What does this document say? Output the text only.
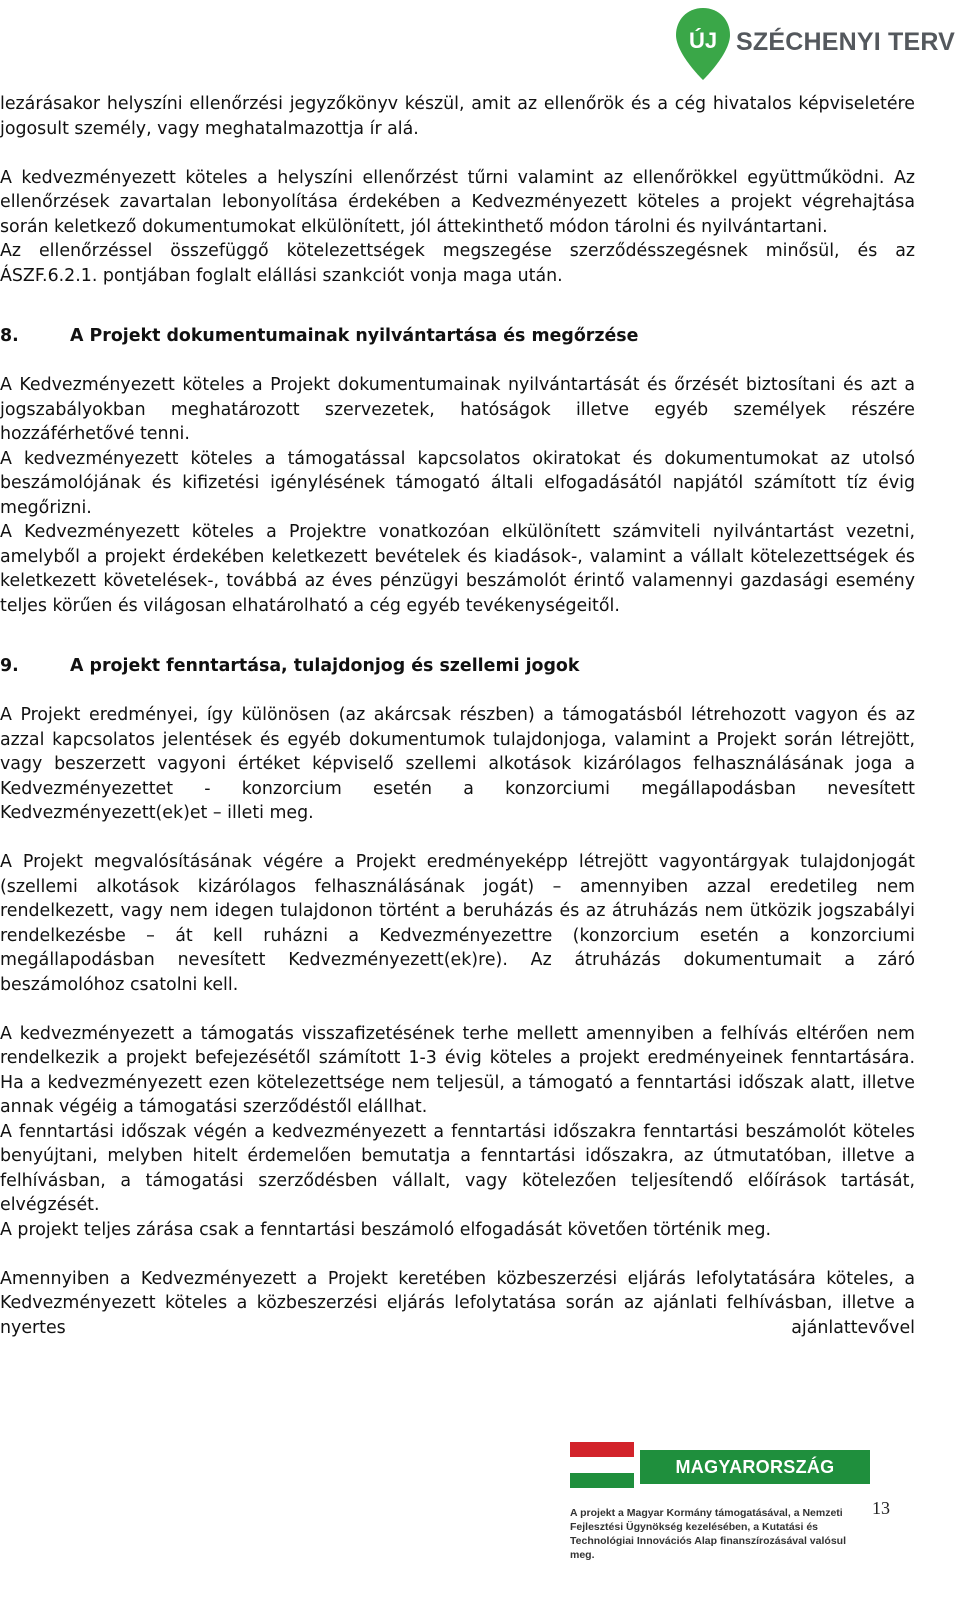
ÚJ SZÉCHENYI TERV

lezárásakor helyszíni ellenőrzési jegyzőkönyv készül, amit az ellenőrök és a cég hivatalos képviseletére jogosult személy, vagy meghatalmazottja ír alá.

A kedvezményezett köteles a helyszíni ellenőrzést tűrni valamint az ellenőrökkel együttműködni. Az ellenőrzések zavartalan lebonyolítása érdekében a Kedvezményezett köteles a projekt végrehajtása során keletkező dokumentumokat elkülönített, jól áttekinthető módon tárolni és nyilvántartani.

Az ellenőrzéssel összefüggő kötelezettségek megszegése szerződésszegésnek minősül, és az ÁSZF.6.2.1. pontjában foglalt elállási szankciót vonja maga után.

8.	A Projekt dokumentumainak nyilvántartása és megőrzése

A Kedvezményezett köteles a Projekt dokumentumainak nyilvántartását és őrzését biztosítani és azt a jogszabályokban meghatározott szervezetek, hatóságok illetve egyéb személyek részére hozzáférhetővé tenni.

A kedvezményezett köteles a támogatással kapcsolatos okiratokat és dokumentumokat az utolsó beszámolójának és kifizetési igénylésének támogató általi elfogadásától napjától számított tíz évig megőrizni.

A Kedvezményezett köteles a Projektre vonatkozóan elkülönített számviteli nyilvántartást vezetni, amelyből a projekt érdekében keletkezett bevételek és kiadások-, valamint a vállalt kötelezettségek és keletkezett követelések-, továbbá az éves pénzügyi beszámolót érintő valamennyi gazdasági esemény teljes körűen és világosan elhatárolható a cég egyéb tevékenységeitől.

9.	A projekt fenntartása, tulajdonjog és szellemi jogok

A Projekt eredményei, így különösen (az akárcsak részben) a támogatásból létrehozott vagyon és az azzal kapcsolatos jelentések és egyéb dokumentumok tulajdonjoga, valamint a Projekt során létrejött, vagy beszerzett vagyoni értéket képviselő szellemi alkotások kizárólagos felhasználásának joga a Kedvezményezettet - konzorcium esetén a konzorciumi megállapodásban nevesített Kedvezményezett(ek)et – illeti meg.

A Projekt megvalósításának végére a Projekt eredményeképp létrejött vagyontárgyak tulajdonjogát (szellemi alkotások kizárólagos felhasználásának jogát) – amennyiben azzal eredetileg nem rendelkezett, vagy nem idegen tulajdonon történt a beruházás és az átruházás nem ütközik jogszabályi rendelkezésbe – át kell ruházni a Kedvezményezettre (konzorcium esetén a konzorciumi megállapodásban nevesített Kedvezményezett(ek)re). Az átruházás dokumentumait a záró beszámolóhoz csatolni kell.

A kedvezményezett a támogatás visszafizetésének terhe mellett amennyiben a felhívás eltérően nem rendelkezik a projekt befejezésétől számított 1-3 évig köteles a projekt eredményeinek fenntartására. Ha a kedvezményezett ezen kötelezettsége nem teljesül, a támogató a fenntartási időszak alatt, illetve annak végéig a támogatási szerződéstől elállhat.

A fenntartási időszak végén a kedvezményezett a fenntartási időszakra fenntartási beszámolót köteles benyújtani, melyben hitelt érdemelően bemutatja a fenntartási időszakra, az útmutatóban, illetve a felhívásban, a támogatási szerződésben vállalt, vagy kötelezően teljesítendő előírások tartását, elvégzését.

A projekt teljes zárása csak a fenntartási beszámoló elfogadását követően történik meg.

Amennyiben a Kedvezményezett a Projekt keretében közbeszerzési eljárás lefolytatására köteles, a Kedvezményezett köteles a közbeszerzési eljárás lefolytatása során az ajánlati felhívásban, illetve a nyertes ajánlattevővel

MAGYARORSZÁG MEGÚJUL
A projekt a Magyar Kormány támogatásával, a Nemzeti Fejlesztési Ügynökség kezelésében, a Kutatási és Technológiai Innovációs Alap finanszírozásával valósul meg.
13
